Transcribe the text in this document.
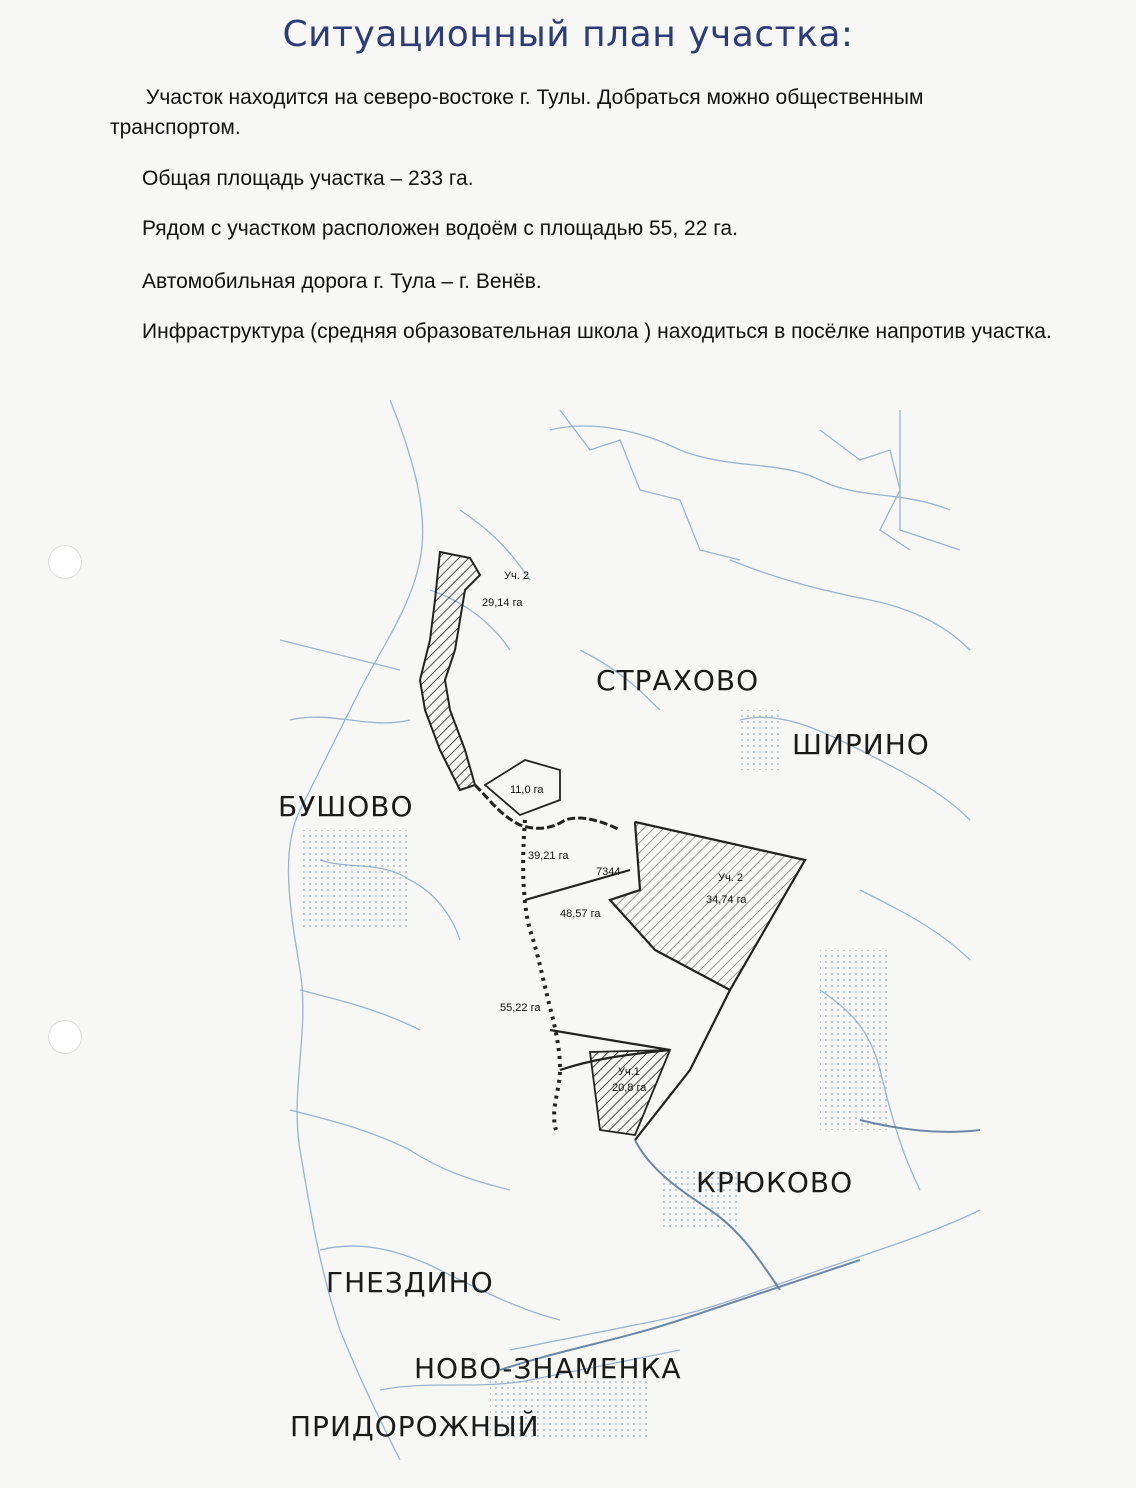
Ситуационный план участка:
Участок находится на северо-востоке г. Тулы. Добраться можно общественным
транспортом.
Общая площадь участка – 233 га.
Рядом с участком расположен водоём с площадью 55, 22 га.
Автомобильная дорога г. Тула – г. Венёв.
Инфраструктура (средняя образовательная школа ) находиться в посёлке напротив участка.
СТРАХОВО
ШИРИНО
БУШОВО
КРЮКОВО
ГНЕЗДИНО
НОВО-ЗНАМЕНКА
ПРИДОРОЖНЫЙ
Уч. 2
29,14 га
11,0 га
39,21 га
7344	Уч. 2
34,74 га
48,57 га
55,22 га
Уч.1
20,8 га
